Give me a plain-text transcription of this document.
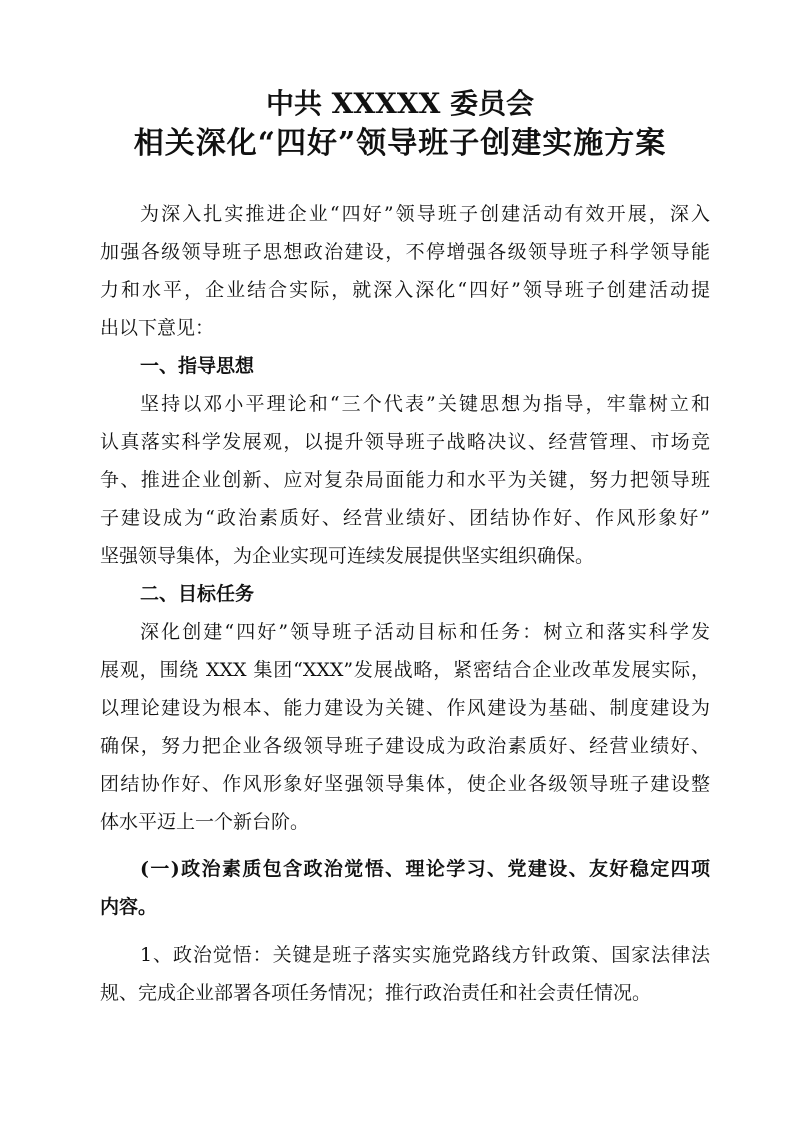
中共 XXXXX 委员会
相关深化“四好”领导班子创建实施方案
为深入扎实推进企业“四好”领导班子创建活动有效开展，深入
加强各级领导班子思想政治建设，不停增强各级领导班子科学领导能
力和水平，企业结合实际，就深入深化“四好”领导班子创建活动提
出以下意见：
一、指导思想
坚持以邓小平理论和“三个代表”关键思想为指导，牢靠树立和
认真落实科学发展观，以提升领导班子战略决议、经营管理、市场竞
争、推进企业创新、应对复杂局面能力和水平为关键，努力把领导班
子建设成为“政治素质好、经营业绩好、团结协作好、作风形象好”
坚强领导集体，为企业实现可连续发展提供坚实组织确保。
二、目标任务
深化创建“四好”领导班子活动目标和任务：树立和落实科学发
展观，围绕 XXX 集团“XXX”发展战略，紧密结合企业改革发展实际，
以理论建设为根本、能力建设为关键、作风建设为基础、制度建设为
确保，努力把企业各级领导班子建设成为政治素质好、经营业绩好、
团结协作好、作风形象好坚强领导集体，使企业各级领导班子建设整
体水平迈上一个新台阶。
(一)政治素质包含政治觉悟、理论学习、党建设、友好稳定四项
内容。
1、政治觉悟：关键是班子落实实施党路线方针政策、国家法律法
规、完成企业部署各项任务情况；推行政治责任和社会责任情况。
